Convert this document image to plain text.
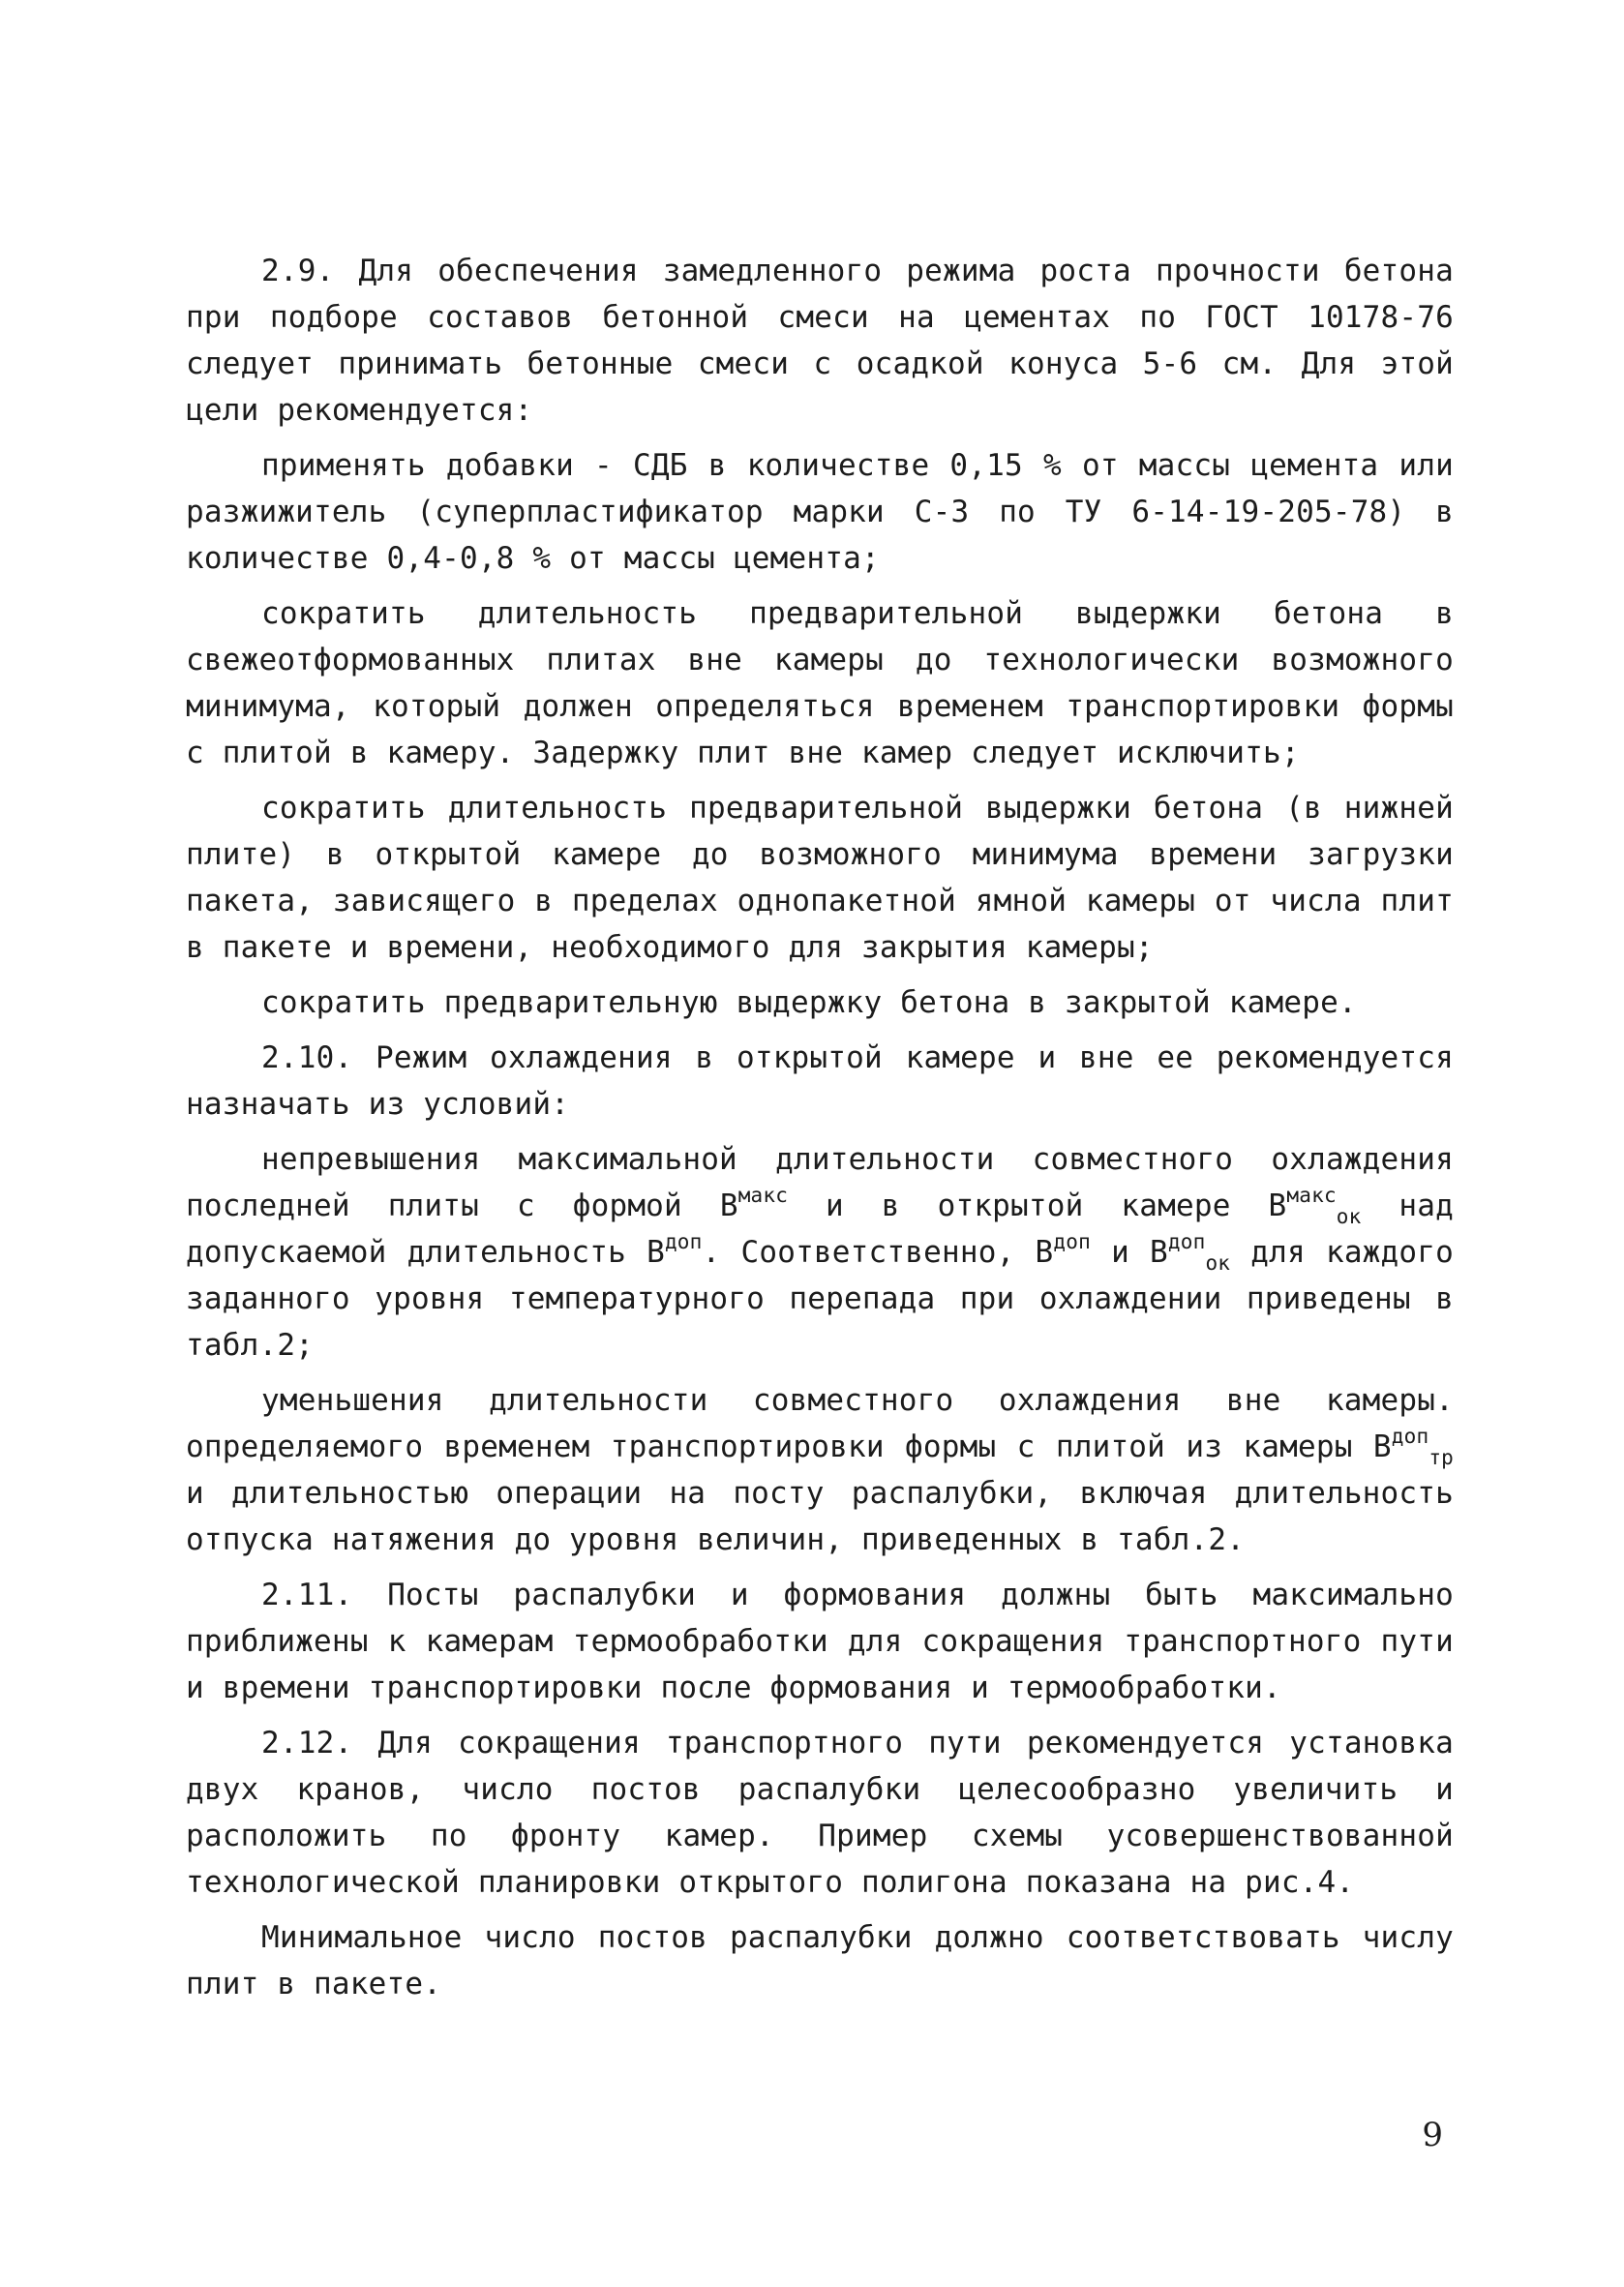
2.9. Для обеспечения замедленного режима роста прочности бетона при подборе составов бетонной смеси на цементах по ГОСТ 10178-76 следует принимать бетонные смеси с осадкой конуса 5-6 см. Для этой цели рекомендуется:

применять добавки - СДБ в количестве 0,15 % от массы цемента или разжижитель (суперпластификатор марки С-3 по ТУ 6-14-19-205-78) в количестве 0,4-0,8 % от массы цемента;

сократить длительность предварительной выдержки бетона в свежеотформованных плитах вне камеры до технологически возможного минимума, который должен определяться временем транспортировки формы с плитой в камеру. Задержку плит вне камер следует исключить;

сократить длительность предварительной выдержки бетона (в нижней плите) в открытой камере до возможного минимума времени загрузки пакета, зависящего в пределах однопакетной ямной камеры от числа плит в пакете и времени, необходимого для закрытия камеры;

сократить предварительную выдержку бетона в закрытой камере.

2.10. Режим охлаждения в открытой камере и вне ее рекомендуется назначать из условий:

непревышения максимальной длительности совместного охлаждения последней плиты с формой $В^{макс}$ и в открытой камере $В^{макс}_{ок}$ над допускаемой длительность $В^{доп}$. Соответственно, $В^{доп}$ и $В^{доп}_{ок}$ для каждого заданного уровня температурного перепада при охлаждении приведены в табл.2;

уменьшения длительности совместного охлаждения вне камеры. определяемого временем транспортировки формы с плитой из камеры $В^{доп}_{тр}$ и длительностью операции на посту распалубки, включая длительность отпуска натяжения до уровня величин, приведенных в табл.2.

2.11. Посты распалубки и формования должны быть максимально приближены к камерам термообработки для сокращения транспортного пути и времени транспортировки после формования и термообработки.

2.12. Для сокращения транспортного пути рекомендуется установка двух кранов, число постов распалубки целесообразно увеличить и расположить по фронту камер. Пример схемы усовершенствованной технологической планировки открытого полигона показана на рис.4.

Минимальное число постов распалубки должно соответствовать числу плит в пакете.

9
